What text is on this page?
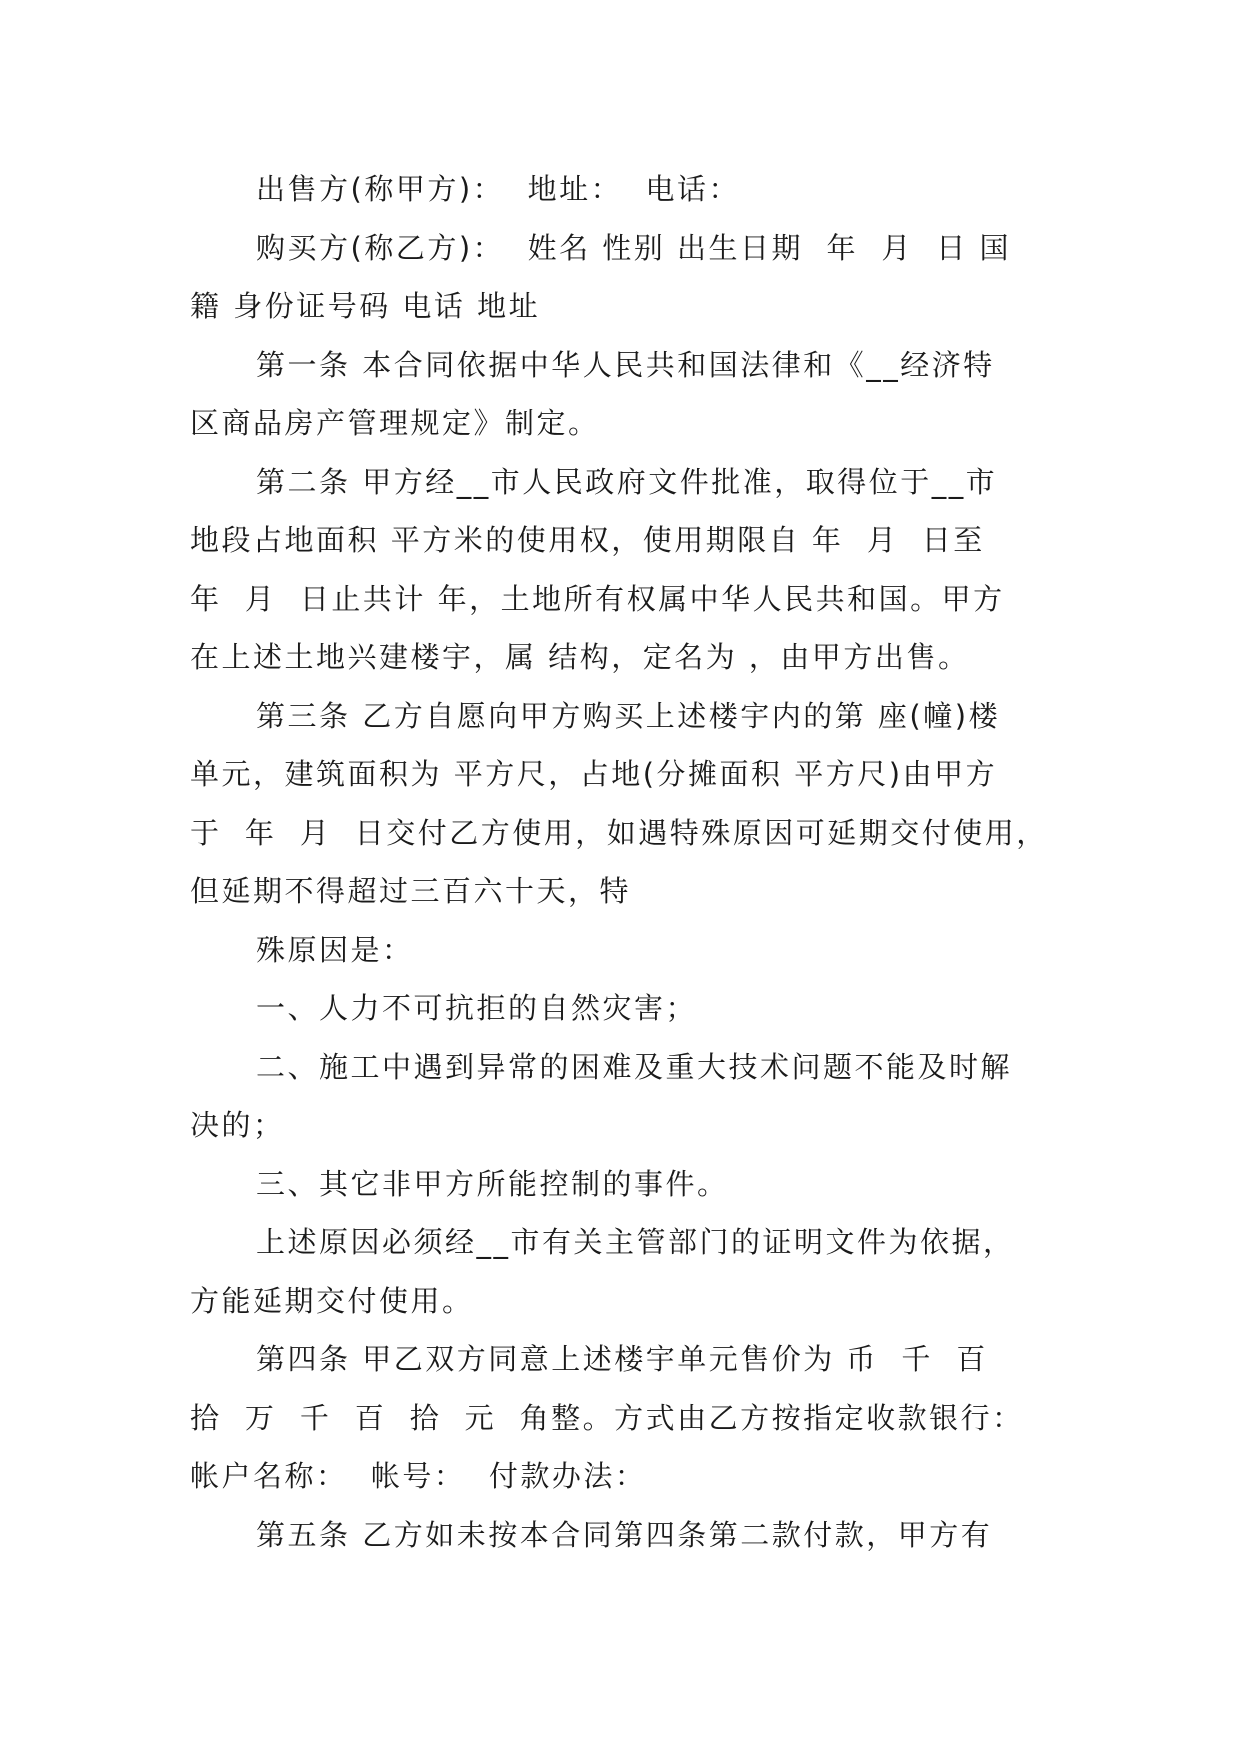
出售方(称甲方)：  地址：  电话：

购买方(称乙方)：  姓名 性别 出生日期  年  月  日 国
籍 身份证号码 电话 地址

第一条 本合同依据中华人民共和国法律和《__经济特
区商品房产管理规定》制定。

第二条 甲方经__市人民政府文件批准，取得位于__市
地段占地面积 平方米的使用权，使用期限自 年  月  日至
年  月  日止共计 年，土地所有权属中华人民共和国。甲方
在上述土地兴建楼宇，属 结构，定名为 ，由甲方出售。

第三条 乙方自愿向甲方购买上述楼宇内的第 座(幢)楼
单元，建筑面积为 平方尺，占地(分摊面积 平方尺)由甲方
于  年  月  日交付乙方使用，如遇特殊原因可延期交付使用，
但延期不得超过三百六十天，特

殊原因是：

一、人力不可抗拒的自然灾害；

二、施工中遇到异常的困难及重大技术问题不能及时解
决的；

三、其它非甲方所能控制的事件。

上述原因必须经__市有关主管部门的证明文件为依据，
方能延期交付使用。

第四条 甲乙双方同意上述楼宇单元售价为 币  千  百
拾  万  千  百  拾  元  角整。方式由乙方按指定收款银行：
帐户名称：  帐号：  付款办法：

第五条 乙方如未按本合同第四条第二款付款，甲方有
